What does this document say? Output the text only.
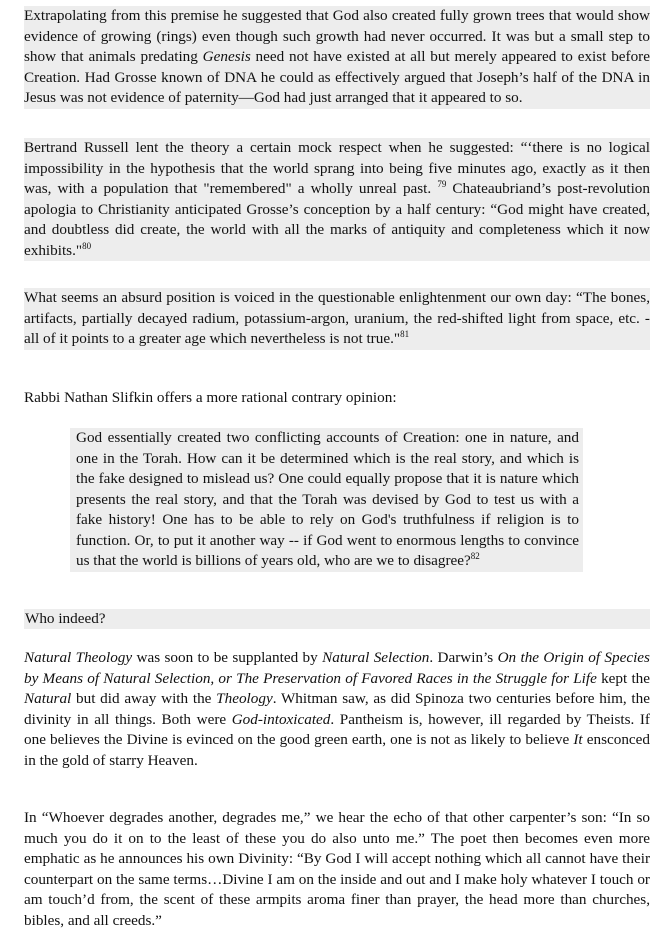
Extrapolating from this premise he suggested that God also created fully grown trees that would show evidence of growing (rings) even though such growth had never occurred. It was but a small step to show that animals predating Genesis need not have existed at all but merely appeared to exist before Creation. Had Grosse known of DNA he could as effectively argued that Joseph’s half of the DNA in Jesus was not evidence of paternity—God had just arranged that it appeared to so.
Bertrand Russell lent the theory a certain mock respect when he suggested: “‘there is no logical impossibility in the hypothesis that the world sprang into being five minutes ago, exactly as it then was, with a population that "remembered" a wholly unreal past. $^{79}$ Chateaubriand’s post-revolution apologia to Christianity anticipated Grosse’s conception by a half century: “God might have created, and doubtless did create, the world with all the marks of antiquity and completeness which it now exhibits."$^{80}$
What seems an absurd position is voiced in the questionable enlightenment our own day: “The bones, artifacts, partially decayed radium, potassium-argon, uranium, the red-shifted light from space, etc. - all of it points to a greater age which nevertheless is not true."$^{81}$
Rabbi Nathan Slifkin offers a more rational contrary opinion:
God essentially created two conflicting accounts of Creation: one in nature, and one in the Torah. How can it be determined which is the real story, and which is the fake designed to mislead us? One could equally propose that it is nature which presents the real story, and that the Torah was devised by God to test us with a fake history! One has to be able to rely on God's truthfulness if religion is to function. Or, to put it another way -- if God went to enormous lengths to convince us that the world is billions of years old, who are we to disagree?$^{82}$
Who indeed?
Natural Theology was soon to be supplanted by Natural Selection. Darwin’s On the Origin of Species by Means of Natural Selection, or The Preservation of Favored Races in the Struggle for Life kept the Natural but did away with the Theology. Whitman saw, as did Spinoza two centuries before him, the divinity in all things. Both were God-intoxicated. Pantheism is, however, ill regarded by Theists. If one believes the Divine is evinced on the good green earth, one is not as likely to believe It ensconced in the gold of starry Heaven.
In “Whoever degrades another, degrades me,” we hear the echo of that other carpenter’s son: “In so much you do it on to the least of these you do also unto me.” The poet then becomes even more emphatic as he announces his own Divinity: “By God I will accept nothing which all cannot have their counterpart on the same terms…Divine I am on the inside and out and I make holy whatever I touch or am touch’d from, the scent of these armpits aroma finer than prayer, the head more than churches, bibles, and all creeds.”
